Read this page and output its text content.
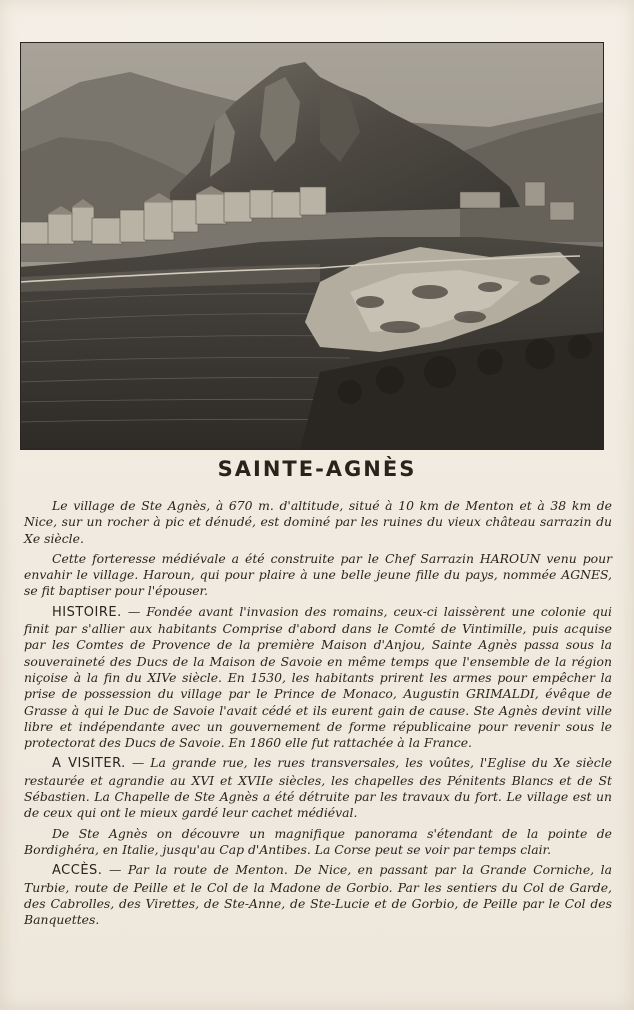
SAINTE-AGNÈS

Le village de Ste Agnès, à 670 m. d'altitude, situé à 10 km de Menton et à 38 km de Nice, sur un rocher à pic et dénudé, est dominé par les ruines du vieux château sarrazin du Xe siècle.

Cette forteresse médiévale a été construite par le Chef Sarrazin HAROUN venu pour envahir le village. Haroun, qui pour plaire à une belle jeune fille du pays, nommée AGNES, se fit baptiser pour l'épouser.

HISTOIRE. — Fondée avant l'invasion des romains, ceux-ci laissèrent une colonie qui finit par s'allier aux habitants Comprise d'abord dans le Comté de Vintimille, puis acquise par les Comtes de Provence de la première Maison d'Anjou, Sainte Agnès passa sous la souveraineté des Ducs de la Maison de Savoie en même temps que l'ensemble de la région niçoise à la fin du XIVe siècle. En 1530, les habitants prirent les armes pour empêcher la prise de possession du village par le Prince de Monaco, Augustin GRIMALDI, évêque de Grasse à qui le Duc de Savoie l'avait cédé et ils eurent gain de cause. Ste Agnès devint ville libre et indépendante avec un gouvernement de forme républicaine pour revenir sous le protectorat des Ducs de Savoie. En 1860 elle fut rattachée à la France.

A VISITER. — La grande rue, les rues transversales, les voûtes, l'Eglise du Xe siècle restaurée et agrandie au XVI et XVIIe siècles, les chapelles des Pénitents Blancs et de St Sébastien. La Chapelle de Ste Agnès a été détruite par les travaux du fort. Le village est un de ceux qui ont le mieux gardé leur cachet médiéval.

De Ste Agnès on découvre un magnifique panorama s'étendant de la pointe de Bordighéra, en Italie, jusqu'au Cap d'Antibes. La Corse peut se voir par temps clair.

ACCÈS. — Par la route de Menton. De Nice, en passant par la Grande Corniche, la Turbie, route de Peille et le Col de la Madone de Gorbio. Par les sentiers du Col de Garde, des Cabrolles, des Virettes, de Ste-Anne, de Ste-Lucie et de Gorbio, de Peille par le Col des Banquettes.
